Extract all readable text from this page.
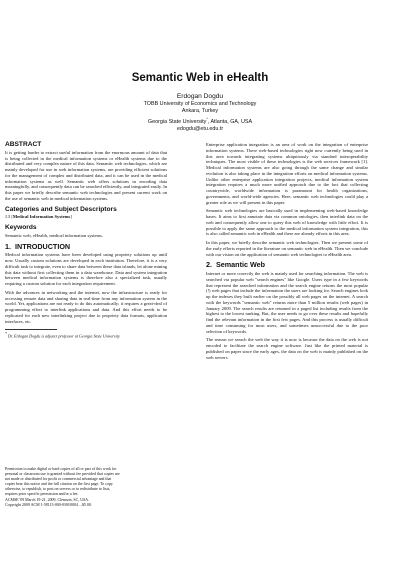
Semantic Web in eHealth
Erdogan Dogdu
TOBB University of Economics and Technology
Ankara, Turkey
Georgia State University*, Atlanta, GA, USA
edogdu@etu.edu.tr
ABSTRACT

It is getting harder to extract useful information from the enormous amount of data that is being collected in the medical information systems or eHealth systems due to the distributed and very complex nature of this data. Semantic web technologies, which are mainly developed for use in web information systems, are providing efficient solutions for the management of complex and distributed data, and it can be used in the medical information systems as well. Semantic web offers solutions in encoding data meaningfully, and consequently data can be searched efficiently, and integrated easily. In this paper we briefly describe semantic web technologies and present current work on the use of semantic web in medical information systems.

Categories and Subject Descriptors

J.3 [Medical Information Systems]

Keywords

Semantic web, eHealth, medical information systems.

1. INTRODUCTION

Medical information systems have been developed using propriety solutions up until now. Usually custom solutions are developed in each institution. Therefore, it is a very difficult task to integrate, even to share data between these data islands, let alone mining this data without first collecting them in a data warehouse. Data and system integration between medical information systems is therefore also a specialized task, usually requiring a custom solution for each integration requirement.

With the advances in networking and the internet, now the infrastructure is ready for accessing remote data and sharing data in real-time from any information system in the world. Yet, applications are not ready to do this automatically; it requires a great-deal of programming effort to interlink applications and data. And this effort needs to be replicated for each new interlinking project due to propriety data formats, application interfaces, etc.

* Dr. Erdogan Dogdu is adjunct professor at Georgia State University

Permission to make digital or hard copies of all or part of this work for

personal or classroom use is granted without fee provided that copies are

not made or distributed for profit or commercial advantage and that

copies bear this notice and the full citation on the first page. To copy

otherwise, to republish, to post on servers or to redistribute to lists,

requires prior specific permission and/or a fee.

ACMSE '09 March 19-21, 2009, Clemson, SC, USA.

Copyright 2009 ACM 1-58113-000-0/00/0004 ...$5.00.

Enterprise application integration is an area of work on the integration of enterprise information systems. There web-based technologies right now currently being used in this area towards integrating systems ubiquitously via standard interoperability techniques. The most visible of these technologies is the web services framework [1]. Medical information systems are also going through the same change and similar evolution is also taking place in the integration efforts on medical information systems. Unlike other enterprise application integration projects, medical information system integration requires a much more unified approach due to the fact that collecting countrywide, worldwide information is paramount for health organizations, governments, and world-wide agencies. Here, semantic web technologies could play a greater role as we will present in this paper.

Semantic web technologies are basically used in implementing web-based knowledge bases. It aims to first annotate data via common ontologies, then interlink data on the web and consequently allow one to query this web of knowledge with little effort. It is possible to apply the same approach to the medical information system integration, this is also called semantic web in eHealth and there are already efforts in this area.

In this paper, we briefly describe semantic web technologies. Then we present some of the early efforts reported in the literature on semantic web in eHealth. Then we conclude with our vision on the application of semantic web technologies to eHealth area.

2. Semantic Web

Internet or more correctly the web is mainly used for searching information. The web is searched via popular web "search engines" like Google. Users type in a few keywords that represent the searched information and the search engine returns the most popular (!) web pages that include the information the users are looking for. Search engines look up the indexes they built earlier on the possibly all web pages on the internet. A search with the keywords "semantic web" returns more than 5 million results (web pages) in January 2009. The search results are returned in a paged list including results from the highest to the lowest ranking. But, the user needs to go over these results and hopefully find the relevant information in the first few pages. And this process is usually difficult and time consuming for most users, and sometimes unsuccessful due to the poor selection of keywords.

The reason we search the web the way it is now is because the data on the web is not encoded to facilitate the search engine software. Just like the printed material is published on paper since the early ages, the data on the web is mainly published on the web servers
